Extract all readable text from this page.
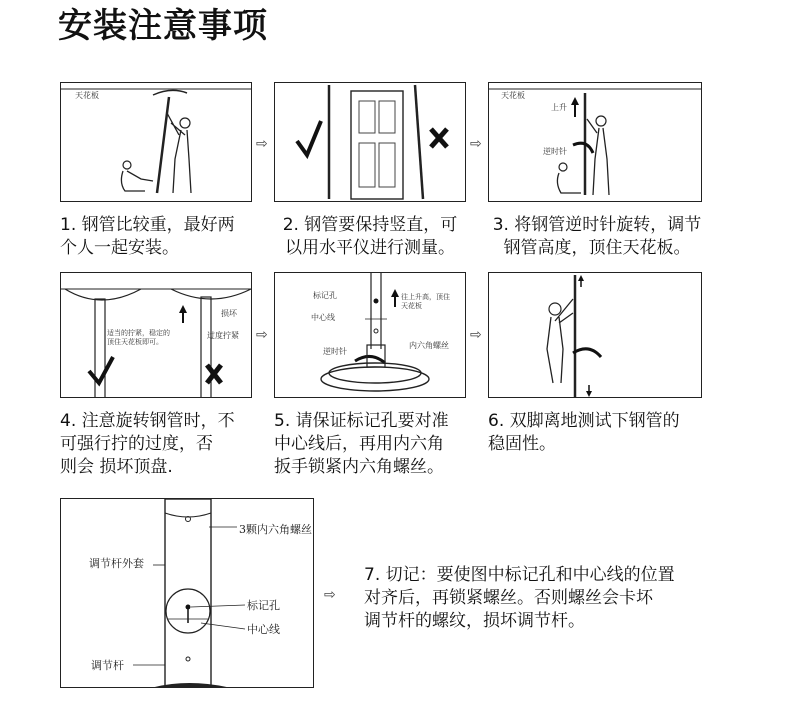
安装注意事项
天花板
⇨	⇨
天花板
上升
逆时针
1. 钢管比较重，最好两
个人一起安装。
2. 钢管要保持竖直，可
以用水平仪进行测量。
3. 将钢管逆时针旋转，调节
钢管高度，顶住天花板。
适当的拧紧，稳定的
顶住天花板即可。
过度拧紧
损坏
⇨
标记孔
中心线
逆时针
往上升高，顶住
天花板
内六角螺丝
⇨
4. 注意旋转钢管时，不
可强行拧的过度，否
则会 损坏顶盘.
5. 请保证标记孔要对准
中心线后，再用内六角
扳手锁紧内六角螺丝。
6. 双脚离地测试下钢管的
稳固性。
3颗内六角螺丝
调节杆外套
标记孔
中心线
调节杆
⇨
7. 切记：要使图中标记孔和中心线的位置
对齐后，再锁紧螺丝。否则螺丝会卡坏
调节杆的螺纹，损坏调节杆。
